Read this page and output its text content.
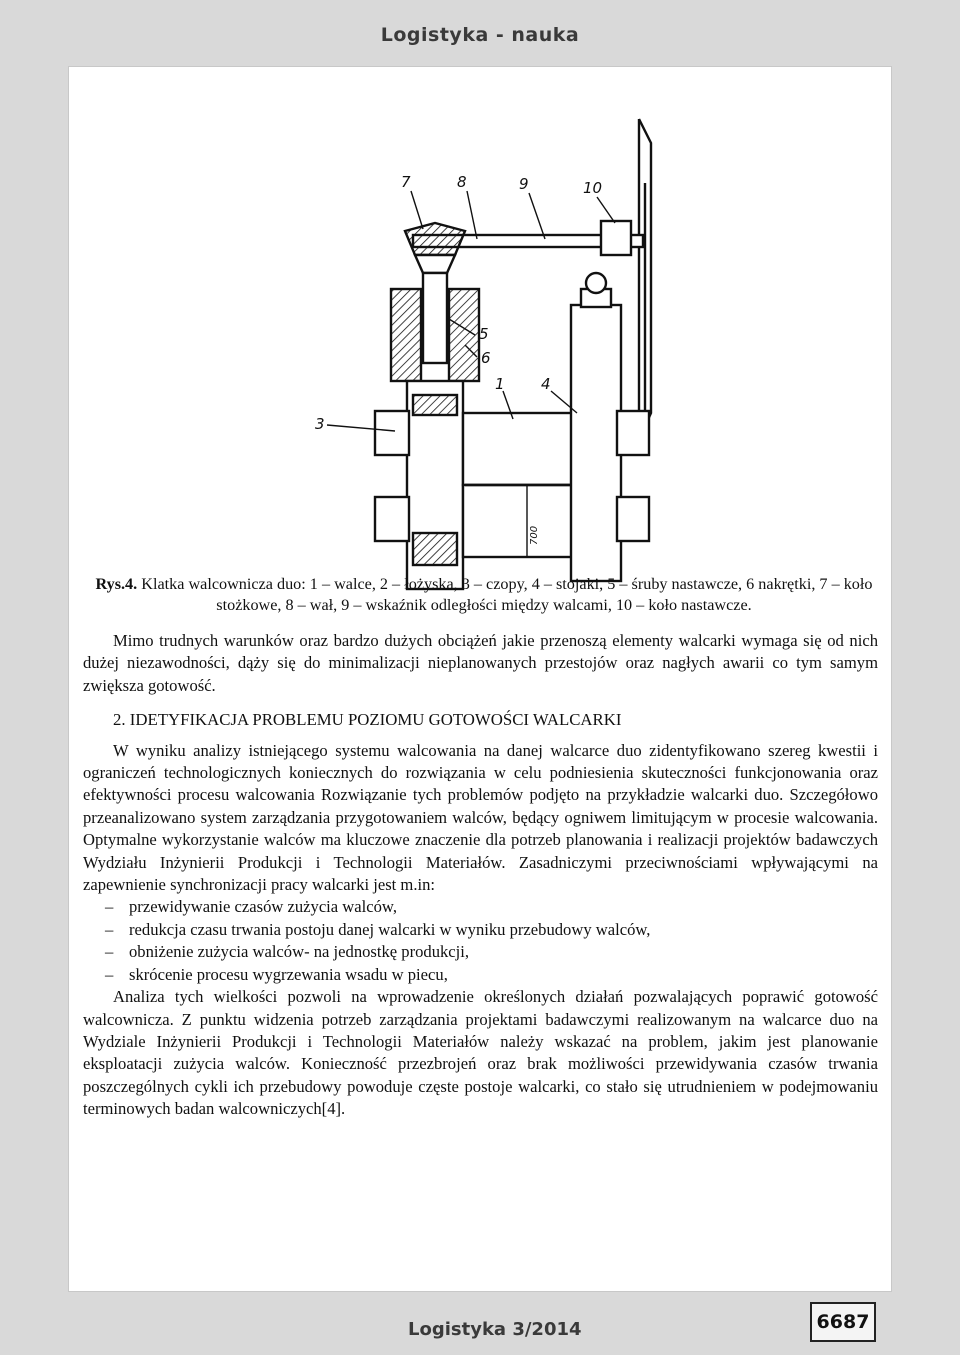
Logistyka - nauka
7	8	9	10
5
6
3
1 4
700
Rys.4. Klatka walcownicza duo: 1 – walce, 2 – łożyska, 3 – czopy, 4 – stojaki, 5 – śruby nastawcze, 6 nakrętki, 7 – koło stożkowe, 8 – wał, 9 – wskaźnik odległości między walcami, 10 – koło nastawcze.

Mimo trudnych warunków oraz bardzo dużych obciążeń jakie przenoszą elementy walcarki wymaga się od nich dużej niezawodności, dąży się do minimalizacji nieplanowanych przestojów oraz nagłych awarii co tym samym zwiększa gotowość.

2. IDETYFIKACJA PROBLEMU POZIOMU GOTOWOŚCI WALCARKI

W wyniku analizy istniejącego systemu walcowania na danej walcarce duo zidentyfikowano szereg kwestii i ograniczeń technologicznych koniecznych do rozwiązania w celu podniesienia skuteczności funkcjonowania oraz efektywności procesu walcowania Rozwiązanie tych problemów podjęto na przykładzie walcarki duo. Szczegółowo przeanalizowano system zarządzania przygotowaniem walców, będący ogniwem limitującym w procesie walcowania. Optymalne wykorzystanie walców ma kluczowe znaczenie dla potrzeb planowania i realizacji projektów badawczych Wydziału Inżynierii Produkcji i Technologii Materiałów. Zasadniczymi przeciwnościami wpływającymi na zapewnienie synchronizacji pracy walcarki jest m.in:

– przewidywanie czasów zużycia walców,
– redukcja czasu trwania postoju danej walcarki w wyniku przebudowy walców,
– obniżenie zużycia walców- na jednostkę produkcji,
– skrócenie procesu wygrzewania wsadu w piecu,

Analiza tych wielkości pozwoli na wprowadzenie określonych działań pozwalających poprawić gotowość walcownicza. Z punktu widzenia potrzeb zarządzania projektami badawczymi realizowanym na walcarce duo na Wydziale Inżynierii Produkcji i Technologii Materiałów należy wskazać na problem, jakim jest planowanie eksploatacji zużycia walców. Konieczność przezbrojeń oraz brak możliwości przewidywania czasów trwania poszczególnych cykli ich przebudowy powoduje częste postoje walcarki, co stało się utrudnieniem w podejmowaniu terminowych badan walcowniczych[4].

Logistyka 3/2014	6687
